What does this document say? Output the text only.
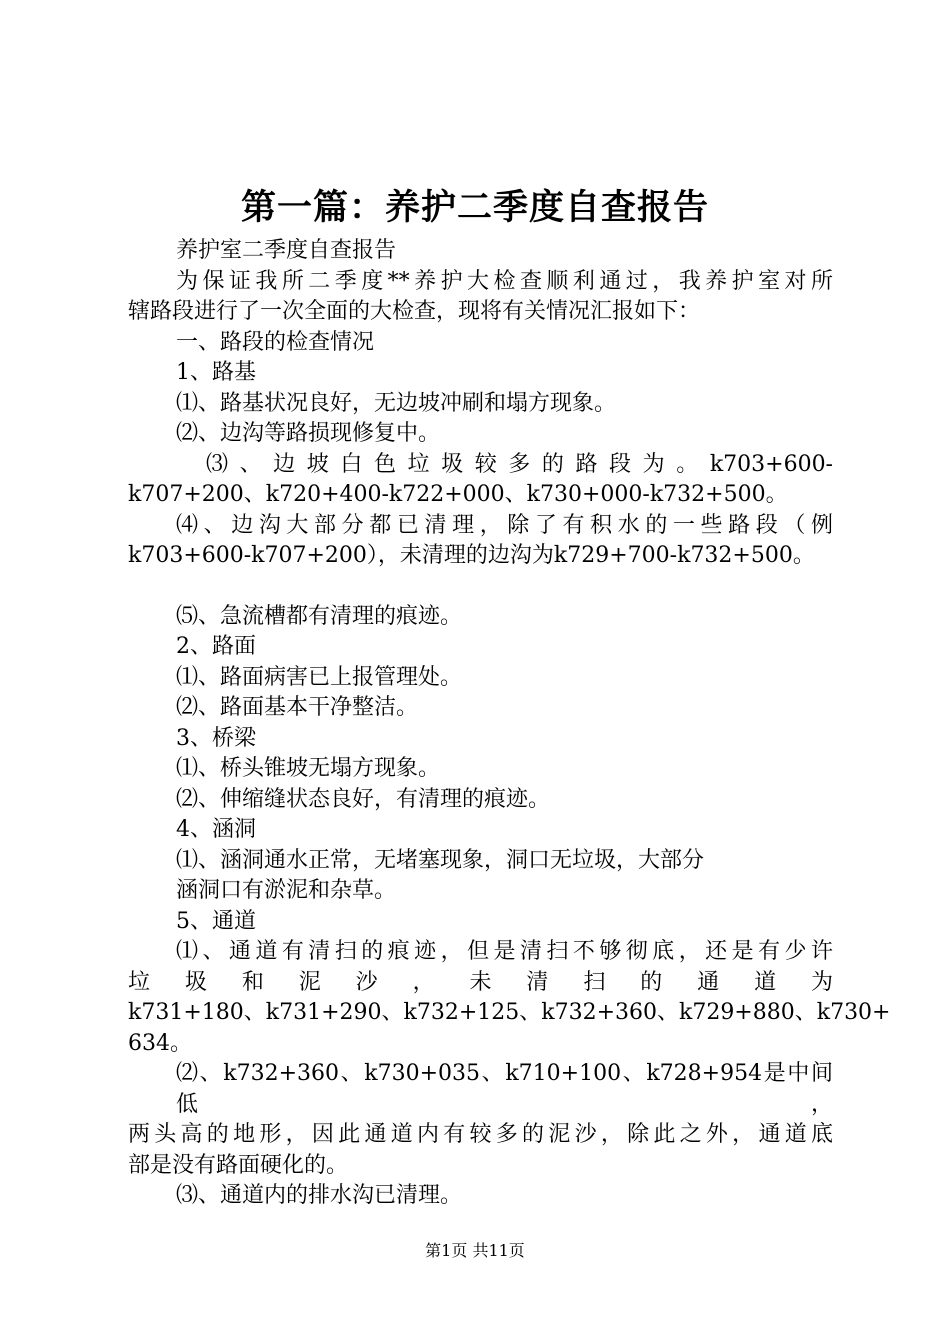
第一篇：养护二季度自查报告

养护室二季度自查报告

为保证我所二季度**养护大检查顺利通过，我养护室对所

辖路段进行了一次全面的大检查，现将有关情况汇报如下：

一、路段的检查情况

1、路基

⑴、路基状况良好，无边坡冲刷和塌方现象。

⑵、边沟等路损现修复中。

⑶、边坡白色垃圾较多的路段为。k703+600-

k707+200、k720+400-k722+000、k730+000-k732+500。

⑷、边沟大部分都已清理，除了有积水的一些路段（例

k703+600-k707+200），未清理的边沟为k729+700-k732+500。

⑸、急流槽都有清理的痕迹。

2、路面

⑴、路面病害已上报管理处。

⑵、路面基本干净整洁。

3、桥梁

⑴、桥头锥坡无塌方现象。

⑵、伸缩缝状态良好，有清理的痕迹。

4、涵洞

⑴、涵洞通水正常，无堵塞现象，洞口无垃圾，大部分

涵洞口有淤泥和杂草。

5、通道

⑴、通道有清扫的痕迹，但是清扫不够彻底，还是有少许

垃圾和泥沙，未清扫的通道为

k731+180、k731+290、k732+125、k732+360、k729+880、k730+

634。

⑵、k732+360、k730+035、k710+100、k728+954是中间低，

两头高的地形，因此通道内有较多的泥沙，除此之外，通道底

部是没有路面硬化的。

⑶、通道内的排水沟已清理。

第1页 共11页
